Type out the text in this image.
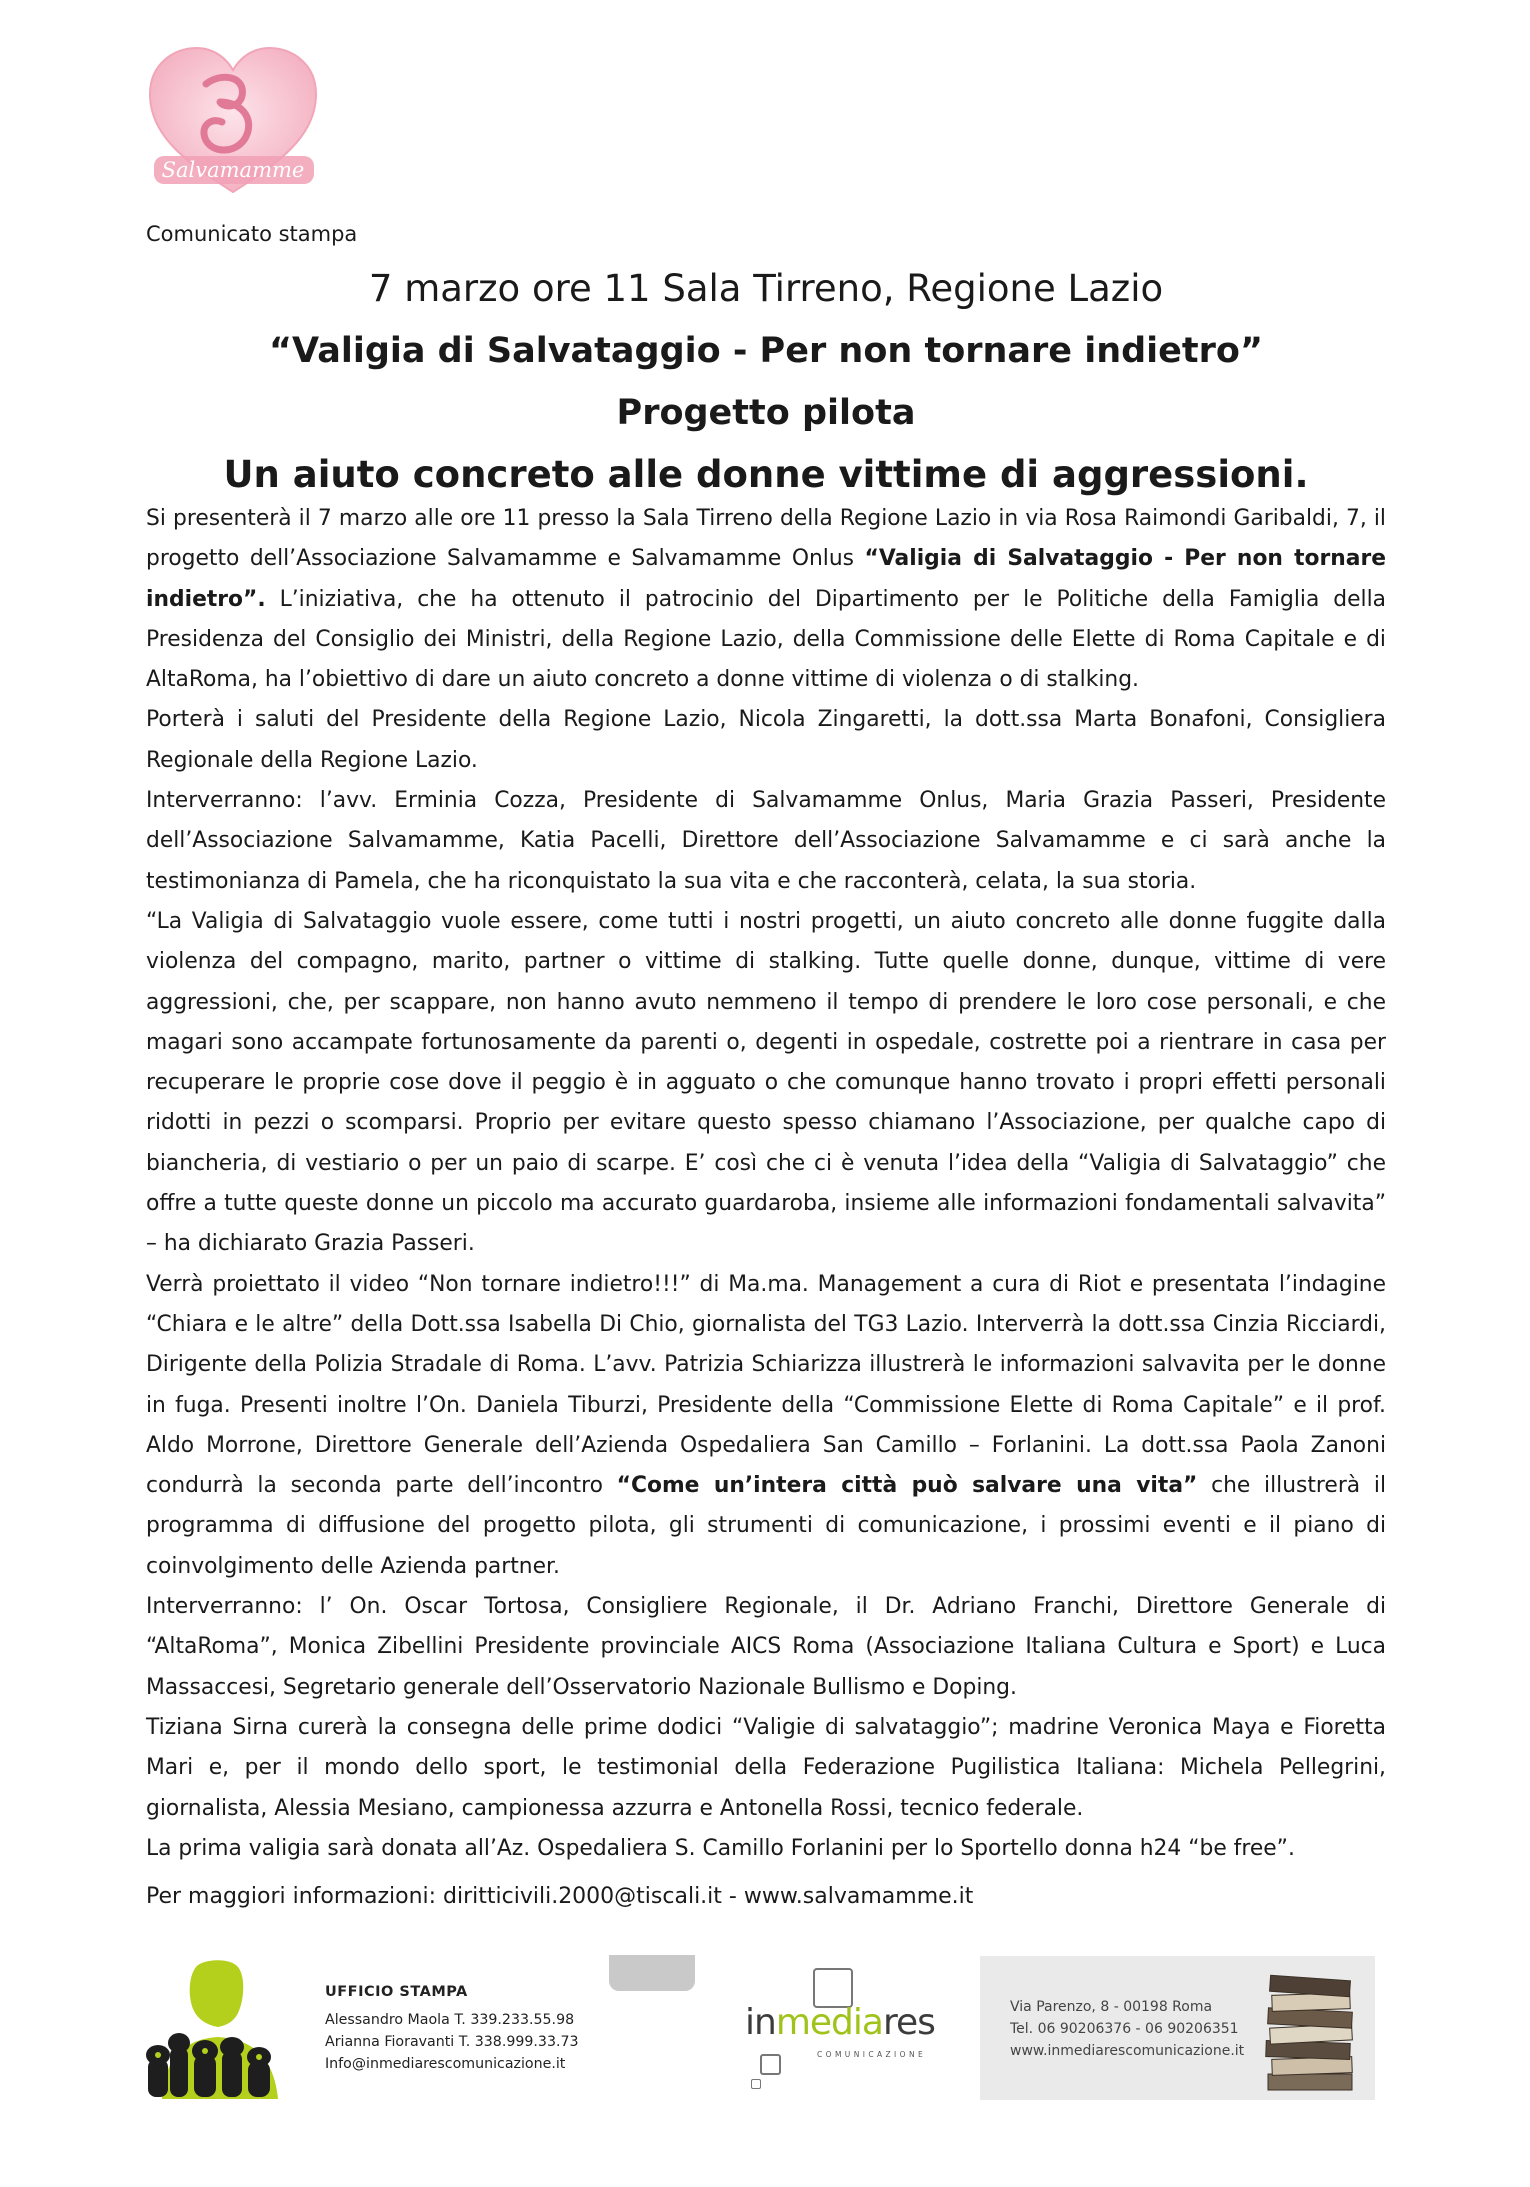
Salvamamme

Comunicato stampa

7 marzo ore 11 Sala Tirreno, Regione Lazio
“Valigia di Salvataggio - Per non tornare indietro”
Progetto pilota
Un aiuto concreto alle donne vittime di aggressioni.

Si presenterà il 7 marzo alle ore 11 presso la Sala Tirreno della Regione Lazio in via Rosa Raimondi Garibaldi, 7, il progetto dell’Associazione Salvamamme e Salvamamme Onlus “Valigia di Salvataggio - Per non tornare indietro”. L’iniziativa, che ha ottenuto il patrocinio del Dipartimento per le Politiche della Famiglia della Presidenza del Consiglio dei Ministri, della Regione Lazio, della Commissione delle Elette di Roma Capitale e di AltaRoma, ha l’obiettivo di dare un aiuto concreto a donne vittime di violenza o di stalking.

Porterà i saluti del Presidente della Regione Lazio, Nicola Zingaretti, la dott.ssa Marta Bonafoni, Consigliera Regionale della Regione Lazio.

Interverranno: l’avv. Erminia Cozza, Presidente di Salvamamme Onlus, Maria Grazia Passeri, Presidente dell’Associazione Salvamamme, Katia Pacelli, Direttore dell’Associazione Salvamamme e ci sarà anche la testimonianza di Pamela, che ha riconquistato la sua vita e che racconterà, celata, la sua storia.

“La Valigia di Salvataggio vuole essere, come tutti i nostri progetti, un aiuto concreto alle donne fuggite dalla violenza del compagno, marito, partner o vittime di stalking. Tutte quelle donne, dunque, vittime di vere aggressioni, che, per scappare, non hanno avuto nemmeno il tempo di prendere le loro cose personali, e che magari sono accampate fortunosamente da parenti o, degenti in ospedale, costrette poi a rientrare in casa per recuperare le proprie cose dove il peggio è in agguato o che comunque hanno trovato i propri effetti personali ridotti in pezzi o scomparsi. Proprio per evitare questo spesso chiamano l’Associazione, per qualche capo di biancheria, di vestiario o per un paio di scarpe. E’ così che ci è venuta l’idea della “Valigia di Salvataggio” che offre a tutte queste donne un piccolo ma accurato guardaroba, insieme alle informazioni fondamentali salvavita” – ha dichiarato Grazia Passeri.

Verrà proiettato il video “Non tornare indietro!!!” di Ma.ma. Management a cura di Riot e presentata l’indagine “Chiara e le altre” della Dott.ssa Isabella Di Chio, giornalista del TG3 Lazio. Interverrà la dott.ssa Cinzia Ricciardi, Dirigente della Polizia Stradale di Roma. L’avv. Patrizia Schiarizza illustrerà le informazioni salvavita per le donne in fuga. Presenti inoltre l’On. Daniela Tiburzi, Presidente della “Commissione Elette di Roma Capitale” e il prof. Aldo Morrone, Direttore Generale dell’Azienda Ospedaliera San Camillo – Forlanini. La dott.ssa Paola Zanoni condurrà la seconda parte dell’incontro “Come un’intera città può salvare una vita” che illustrerà il programma di diffusione del progetto pilota, gli strumenti di comunicazione, i prossimi eventi e il piano di coinvolgimento delle Azienda partner.

Interverranno: l’ On. Oscar Tortosa, Consigliere Regionale, il Dr. Adriano Franchi, Direttore Generale di “AltaRoma”, Monica Zibellini Presidente provinciale AICS Roma (Associazione Italiana Cultura e Sport) e Luca Massaccesi, Segretario generale dell’Osservatorio Nazionale Bullismo e Doping.

Tiziana Sirna curerà la consegna delle prime dodici “Valigie di salvataggio”; madrine Veronica Maya e Fioretta Mari e, per il mondo dello sport, le testimonial della Federazione Pugilistica Italiana: Michela Pellegrini, giornalista, Alessia Mesiano, campionessa azzurra e Antonella Rossi, tecnico federale.

La prima valigia sarà donata all’Az. Ospedaliera S. Camillo Forlanini per lo Sportello donna h24 “be free”.

Per maggiori informazioni: diritticivili.2000@tiscali.it - www.salvamamme.it

UFFICIO STAMPA
Alessandro Maola T. 339.233.55.98
Arianna Fioravanti T. 338.999.33.73
Info@inmediarescomunicazione.it
inmediares
COMUNICAZIONE
Via Parenzo, 8 - 00198 Roma
Tel. 06 90206376 - 06 90206351
www.inmediarescomunicazione.it
